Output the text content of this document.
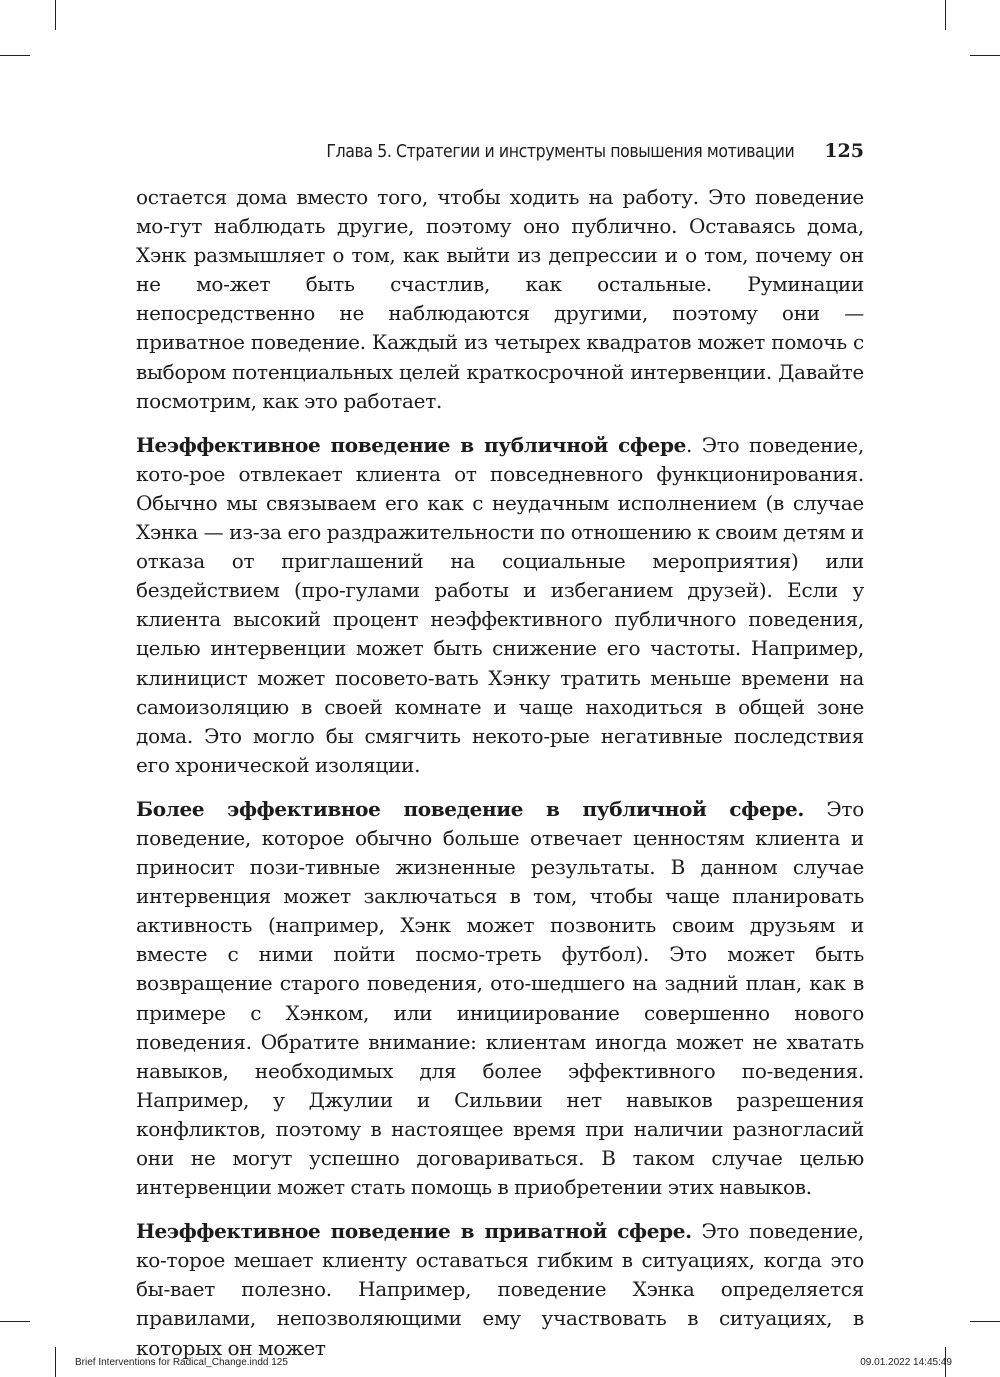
Глава 5. Стратегии и инструменты повышения мотивации 125

остается дома вместо того, чтобы ходить на работу. Это поведение мо-гут наблюдать другие, поэтому оно публично. Оставаясь дома, Хэнк размышляет о том, как выйти из депрессии и о том, почему он не мо-жет быть счастлив, как остальные. Руминации непосредственно не наблюдаются другими, поэтому они — приватное поведение. Каждый из четырех квадратов может помочь с выбором потенциальных целей краткосрочной интервенции. Давайте посмотрим, как это работает.

Неэффективное поведение в публичной сфере. Это поведение, кото-рое отвлекает клиента от повседневного функционирования. Обычно мы связываем его как с неудачным исполнением (в случае Хэнка — из-за его раздражительности по отношению к своим детям и отказа от приглашений на социальные мероприятия) или бездействием (про-гулами работы и избеганием друзей). Если у клиента высокий процент неэффективного публичного поведения, целью интервенции может быть снижение его частоты. Например, клиницист может посовето-вать Хэнку тратить меньше времени на самоизоляцию в своей комнате и чаще находиться в общей зоне дома. Это могло бы смягчить некото-рые негативные последствия его хронической изоляции.

Более эффективное поведение в публичной сфере. Это поведение, которое обычно больше отвечает ценностям клиента и приносит пози-тивные жизненные результаты. В данном случае интервенция может заключаться в том, чтобы чаще планировать активность (например, Хэнк может позвонить своим друзьям и вместе с ними пойти посмо-треть футбол). Это может быть возвращение старого поведения, ото-шедшего на задний план, как в примере с Хэнком, или инициирование совершенно нового поведения. Обратите внимание: клиентам иногда может не хватать навыков, необходимых для более эффективного по-ведения. Например, у Джулии и Сильвии нет навыков разрешения конфликтов, поэтому в настоящее время при наличии разногласий они не могут успешно договариваться. В таком случае целью интервенции может стать помощь в приобретении этих навыков.

Неэффективное поведение в приватной сфере. Это поведение, ко-торое мешает клиенту оставаться гибким в ситуациях, когда это бы-вает полезно. Например, поведение Хэнка определяется правилами, непозволяющими ему участвовать в ситуациях, в которых он может

Brief Interventions for Radical_Change.indd 125	09.01.2022 14:45:49
